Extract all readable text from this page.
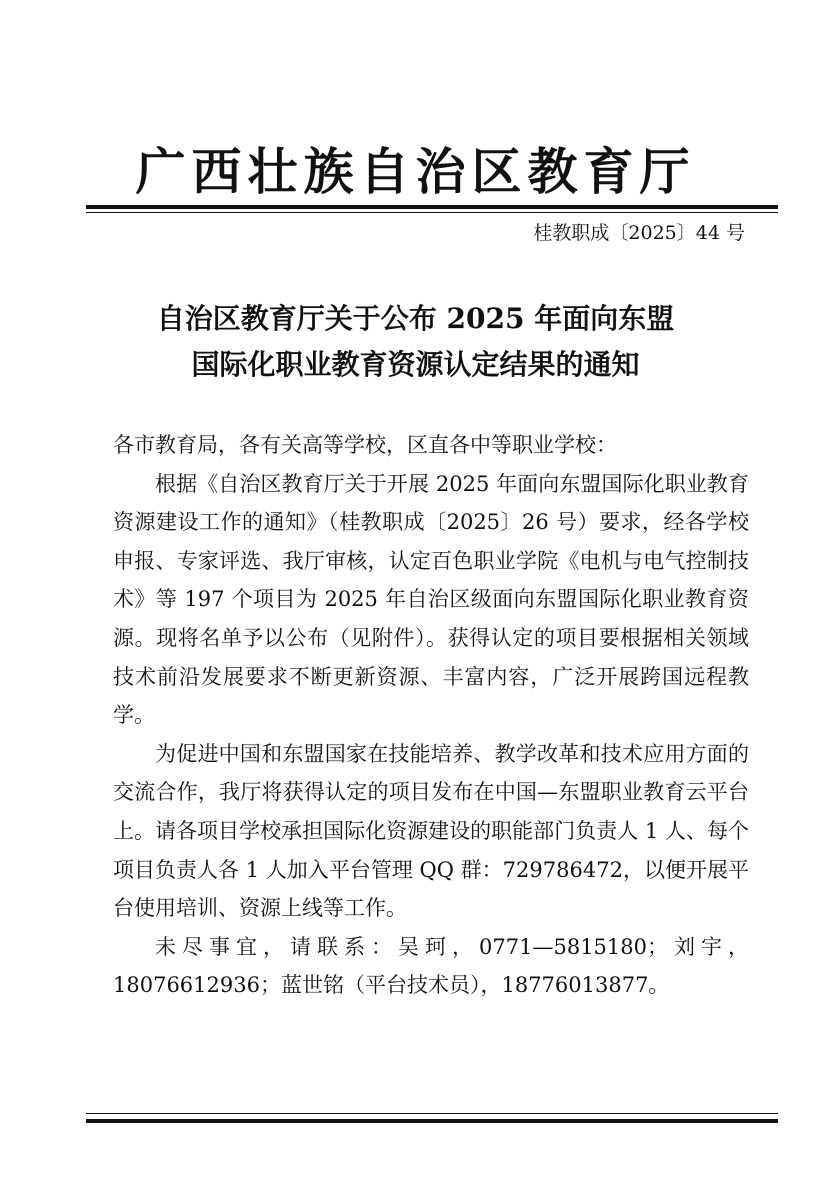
广西壮族自治区教育厅
桂教职成〔2025〕44 号
自治区教育厅关于公布 2025 年面向东盟
国际化职业教育资源认定结果的通知

各市教育局，各有关高等学校，区直各中等职业学校：

根据《自治区教育厅关于开展 2025 年面向东盟国际化职业教育资源建设工作的通知》（桂教职成〔2025〕26 号）要求，经各学校申报、专家评选、我厅审核，认定百色职业学院《电机与电气控制技术》等 197 个项目为 2025 年自治区级面向东盟国际化职业教育资源。现将名单予以公布（见附件）。获得认定的项目要根据相关领域技术前沿发展要求不断更新资源、丰富内容，广泛开展跨国远程教学。

为促进中国和东盟国家在技能培养、教学改革和技术应用方面的交流合作，我厅将获得认定的项目发布在中国—东盟职业教育云平台上。请各项目学校承担国际化资源建设的职能部门负责人 1 人、每个项目负责人各 1 人加入平台管理 QQ 群：729786472，以便开展平台使用培训、资源上线等工作。

未尽事宜，请联系：吴珂，0771—5815180；刘宇，18076612936；蓝世铭（平台技术员），18776013877。
